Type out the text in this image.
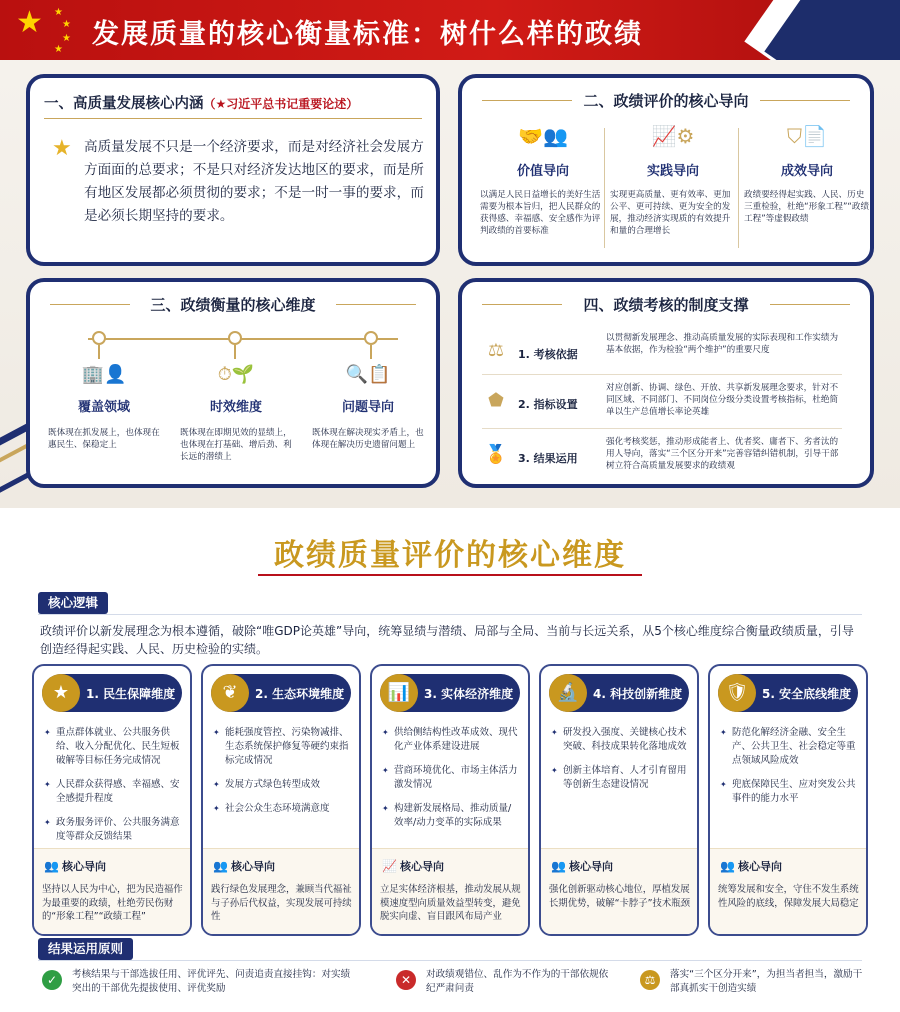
★ ★
★
★
★ 发展质量的核心衡量标准：树什么样的政绩
一、高质量发展核心内涵（★习近平总书记重要论述）
★ 高质量发展不只是一个经济要求，而是对经济社会发展方方面面的总要求；不是只对经济发达地区的要求，而是所有地区发展都必须贯彻的要求；不是一时一事的要求，而是必须长期坚持的要求。
二、政绩评价的核心导向
🤝👥
价值导向
以满足人民日益增长的美好生活需要为根本旨归，把人民群众的获得感、幸福感、安全感作为评判政绩的首要标准
📈⚙
实践导向
实现更高质量、更有效率、更加公平、更可持续、更为安全的发展，推动经济实现质的有效提升和量的合理增长
⛉📄
成效导向
政绩要经得起实践、人民、历史三重检验，杜绝“形象工程”“政绩工程”等虚假政绩
三、政绩衡量的核心维度
🏢👤
覆盖领域
既体现在抓发展上，也体现在惠民生、保稳定上
⏱🌱
时效维度
既体现在即期见效的显绩上，也体现在打基础、增后劲、利长远的潜绩上
🔍📋
问题导向
既体现在解决现实矛盾上，也体现在解决历史遗留问题上
四、政绩考核的制度支撑
⚖	1. 考核依据
以贯彻新发展理念、推动高质量发展的实际表现和工作实绩为基本依据，作为检验“两个维护”的重要尺度
⬟	2. 指标设置
对应创新、协调、绿色、开放、共享新发展理念要求，针对不同区域、不同部门、不同岗位分级分类设置考核指标，杜绝简单以生产总值增长率论英雄
🏅 3. 结果运用
强化考核奖惩，推动形成能者上、优者奖、庸者下、劣者汰的用人导向，落实“三个区分开来”完善容错纠错机制，引导干部树立符合高质量发展要求的政绩观
政绩质量评价的核心维度
核心逻辑
政绩评价以新发展理念为根本遵循，破除“唯GDP论英雄”导向，统筹显绩与潜绩、局部与全局、当前与长远关系，从5个核心维度综合衡量政绩质量，引导创造经得起实践、人民、历史检验的实绩。
★	1. 民生保障维度
✦ 重点群体就业、公共服务供给、收入分配优化、民生短板破解等目标任务完成情况
✦ 人民群众获得感、幸福感、安全感提升程度
✦ 政务服务评价、公共服务满意度等群众反馈结果
👥 核心导向
坚持以人民为中心，把为民造福作为最重要的政绩，杜绝劳民伤财的“形象工程”“政绩工程”
❦	2. 生态环境维度
✦ 能耗强度管控、污染物减排、生态系统保护修复等硬约束指标完成情况
✦ 发展方式绿色转型成效
✦ 社会公众生态环境满意度
👥 核心导向
践行绿色发展理念，兼顾当代福祉与子孙后代权益，实现发展可持续性
📊	3. 实体经济维度
✦ 供给侧结构性改革成效、现代化产业体系建设进展
✦ 营商环境优化、市场主体活力激发情况
✦ 构建新发展格局、推动质量/效率/动力变革的实际成果
📈 核心导向
立足实体经济根基，推动发展从规模速度型向质量效益型转变，避免脱实向虚、盲目跟风布局产业
🔬	4. 科技创新维度
✦ 研发投入强度、关键核心技术突破、科技成果转化落地成效
✦ 创新主体培育、人才引育留用等创新生态建设情况
👥 核心导向
强化创新驱动核心地位，厚植发展长期优势，破解“卡脖子”技术瓶颈
🛡	5. 安全底线维度
✦ 防范化解经济金融、安全生产、公共卫生、社会稳定等重点领域风险成效
✦ 兜底保障民生、应对突发公共事件的能力水平
👥 核心导向
统筹发展和安全，守住不发生系统性风险的底线，保障发展大局稳定
结果运用原则
✓	考核结果与干部选拔任用、评优评先、问责追责直接挂钩：对实绩突出的干部优先提拔使用、评优奖励
✕	对政绩观错位、乱作为不作为的干部依规依纪严肃问责
⚖	落实“三个区分开来”，为担当者担当，激励干部真抓实干创造实绩
